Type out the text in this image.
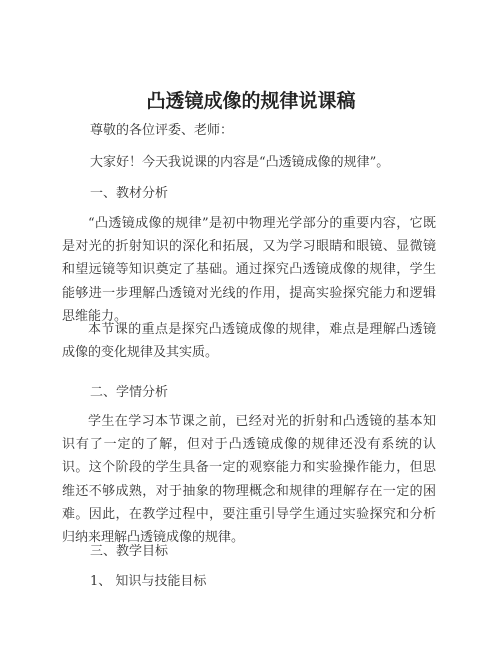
凸透镜成像的规律说课稿
尊敬的各位评委、老师：
大家好！今天我说课的内容是“凸透镜成像的规律”。
一、教材分析
“凸透镜成像的规律”是初中物理光学部分的重要内容，它既是对光的折射知识的深化和拓展，又为学习眼睛和眼镜、显微镜和望远镜等知识奠定了基础。通过探究凸透镜成像的规律，学生能够进一步理解凸透镜对光线的作用，提高实验探究能力和逻辑思维能力。
本节课的重点是探究凸透镜成像的规律，难点是理解凸透镜成像的变化规律及其实质。
二、学情分析
学生在学习本节课之前，已经对光的折射和凸透镜的基本知识有了一定的了解，但对于凸透镜成像的规律还没有系统的认识。这个阶段的学生具备一定的观察能力和实验操作能力，但思维还不够成熟，对于抽象的物理概念和规律的理解存在一定的困难。因此，在教学过程中，要注重引导学生通过实验探究和分析归纳来理解凸透镜成像的规律。
三、教学目标
1、 知识与技能目标
